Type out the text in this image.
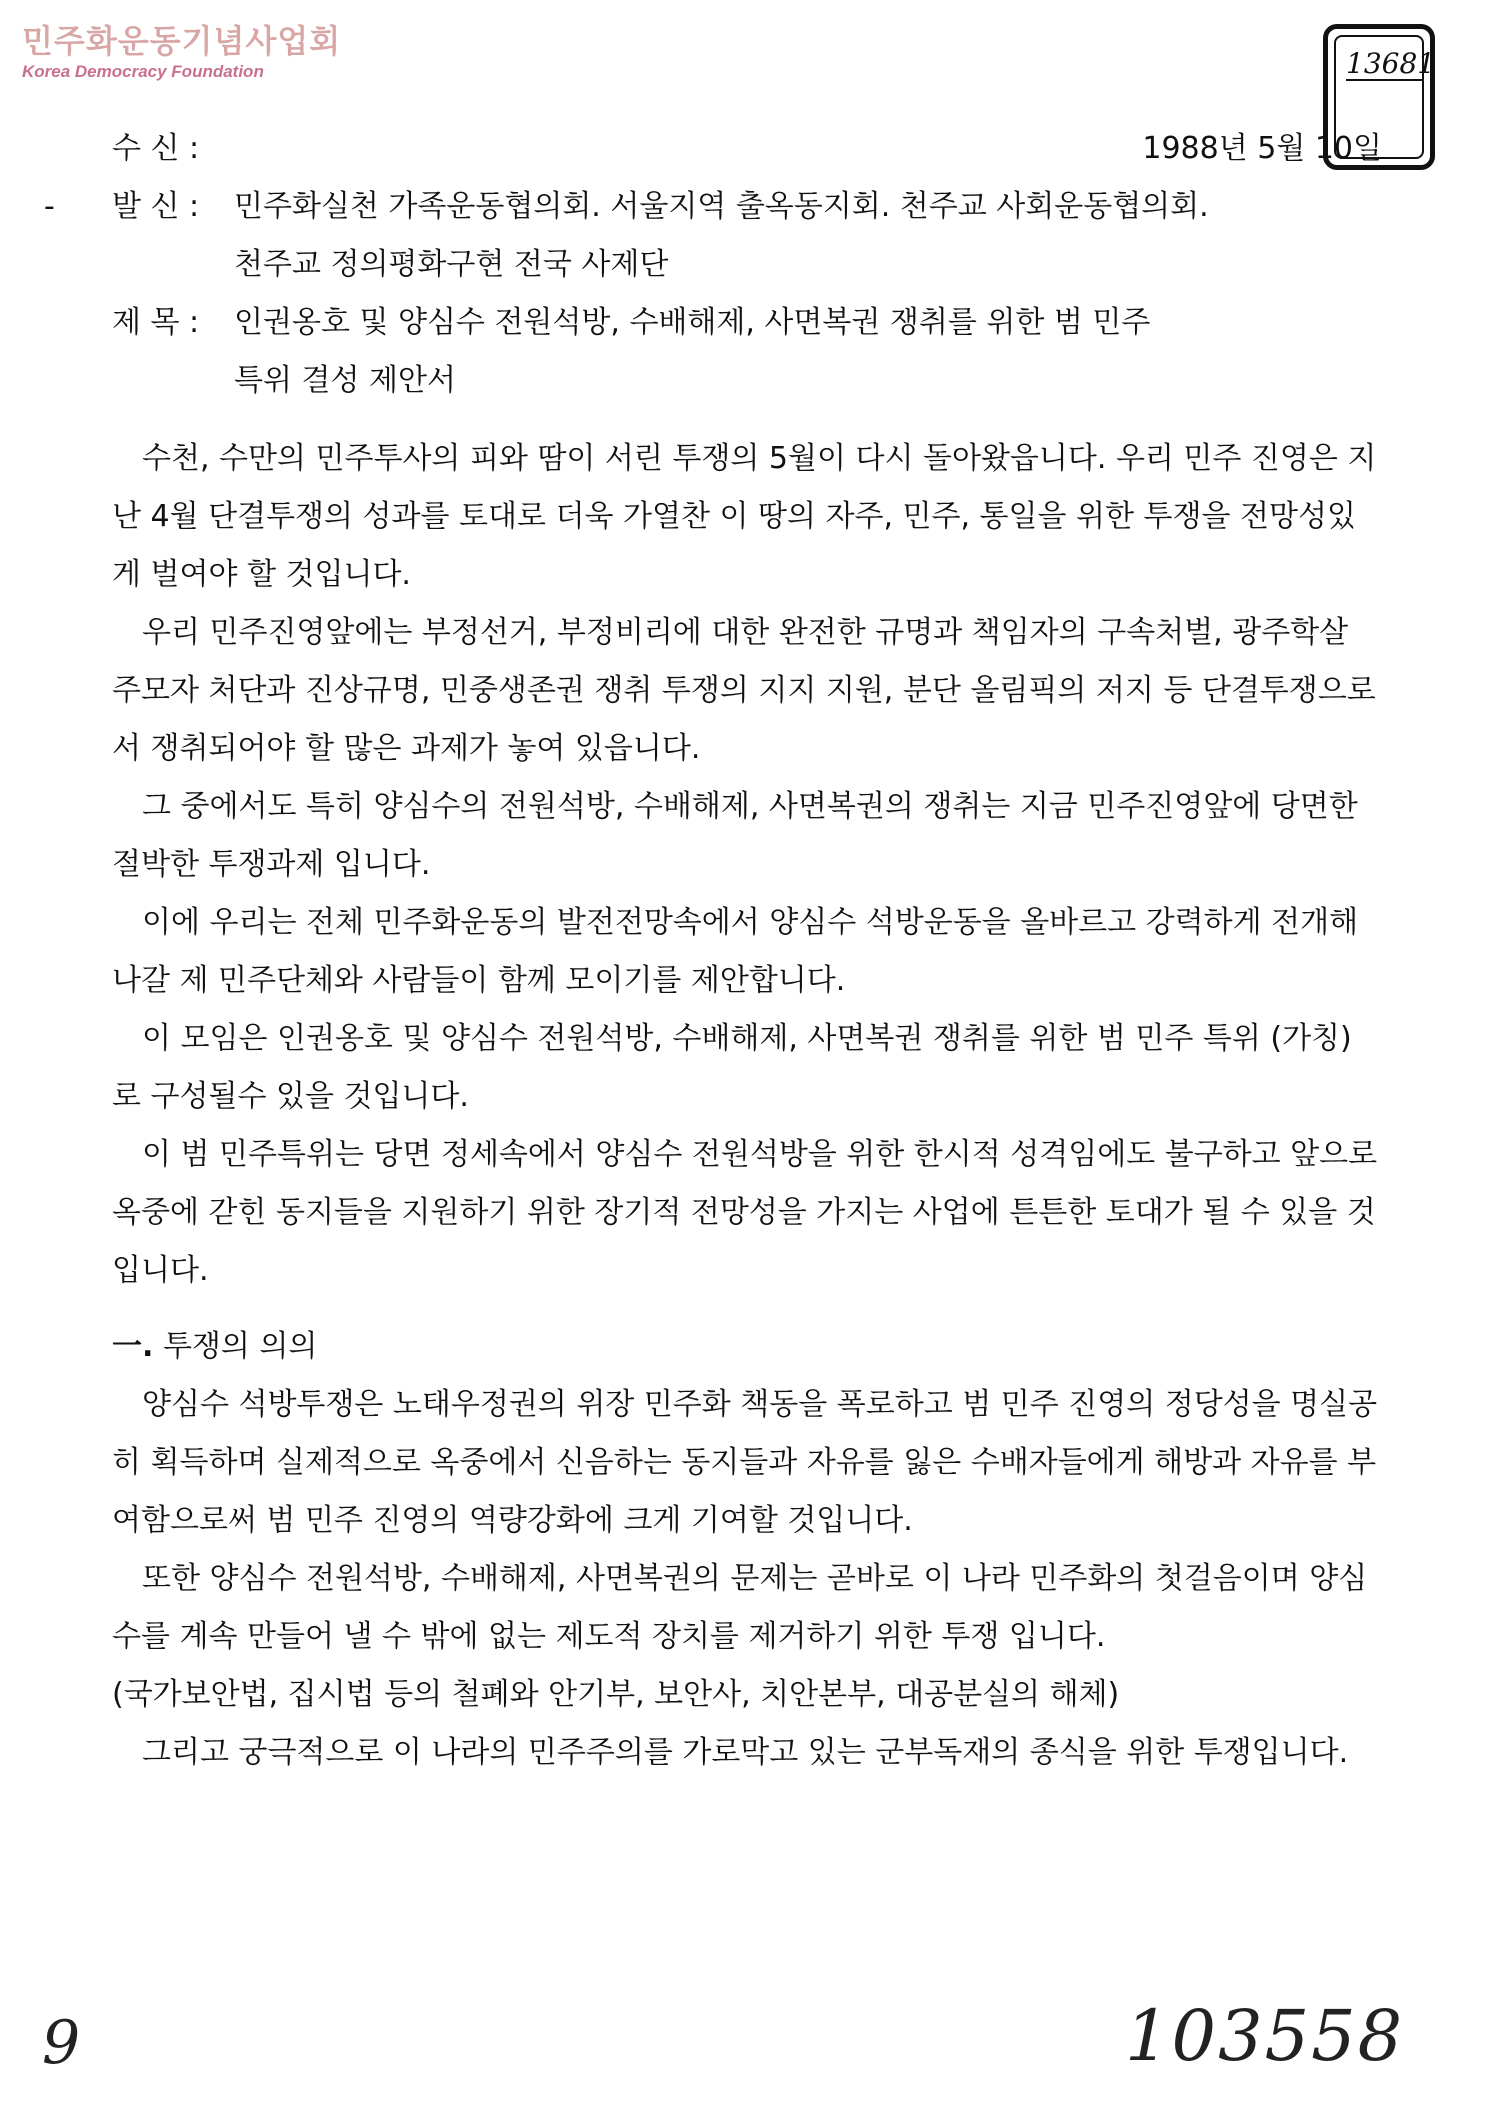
민주화운동기념사업회
Korea Democracy Foundation	13681
수 신 :	1988년 5월 10일
- 발 신 : 민주화실천 가족운동협의회. 서울지역 출옥동지회. 천주교 사회운동협의회.
천주교 정의평화구현 전국 사제단
제 목 : 인권옹호 및 양심수 전원석방, 수배해제, 사면복권 쟁취를 위한 범 민주
특위 결성 제안서
수천, 수만의 민주투사의 피와 땀이 서린 투쟁의 5월이 다시 돌아왔읍니다. 우리 민주 진영은 지난 4월 단결투쟁의 성과를 토대로 더욱 가열찬 이 땅의 자주, 민주, 통일을 위한 투쟁을 전망성있게 벌여야 할 것입니다.
우리 민주진영앞에는 부정선거, 부정비리에 대한 완전한 규명과 책임자의 구속처벌, 광주학살 주모자 처단과 진상규명, 민중생존권 쟁취 투쟁의 지지 지원, 분단 올림픽의 저지 등 단결투쟁으로서 쟁취되어야 할 많은 과제가 놓여 있읍니다.
그 중에서도 특히 양심수의 전원석방, 수배해제, 사면복권의 쟁취는 지금 민주진영앞에 당면한 절박한 투쟁과제 입니다.
이에 우리는 전체 민주화운동의 발전전망속에서 양심수 석방운동을 올바르고 강력하게 전개해 나갈 제 민주단체와 사람들이 함께 모이기를 제안합니다.
이 모임은 인권옹호 및 양심수 전원석방, 수배해제, 사면복권 쟁취를 위한 범 민주 특위 (가칭) 로 구성될수 있을 것입니다.
이 범 민주특위는 당면 정세속에서 양심수 전원석방을 위한 한시적 성격임에도 불구하고 앞으로 옥중에 갇힌 동지들을 지원하기 위한 장기적 전망성을 가지는 사업에 튼튼한 토대가 될 수 있을 것입니다.
一. 투쟁의 의의
양심수 석방투쟁은 노태우정권의 위장 민주화 책동을 폭로하고 범 민주 진영의 정당성을 명실공히 획득하며 실제적으로 옥중에서 신음하는 동지들과 자유를 잃은 수배자들에게 해방과 자유를 부여함으로써 범 민주 진영의 역량강화에 크게 기여할 것입니다.
또한 양심수 전원석방, 수배해제, 사면복권의 문제는 곧바로 이 나라 민주화의 첫걸음이며 양심수를 계속 만들어 낼 수 밖에 없는 제도적 장치를 제거하기 위한 투쟁 입니다.
(국가보안법, 집시법 등의 철폐와 안기부, 보안사, 치안본부, 대공분실의 해체)
그리고 궁극적으로 이 나라의 민주주의를 가로막고 있는 군부독재의 종식을 위한 투쟁입니다.
9	103558
